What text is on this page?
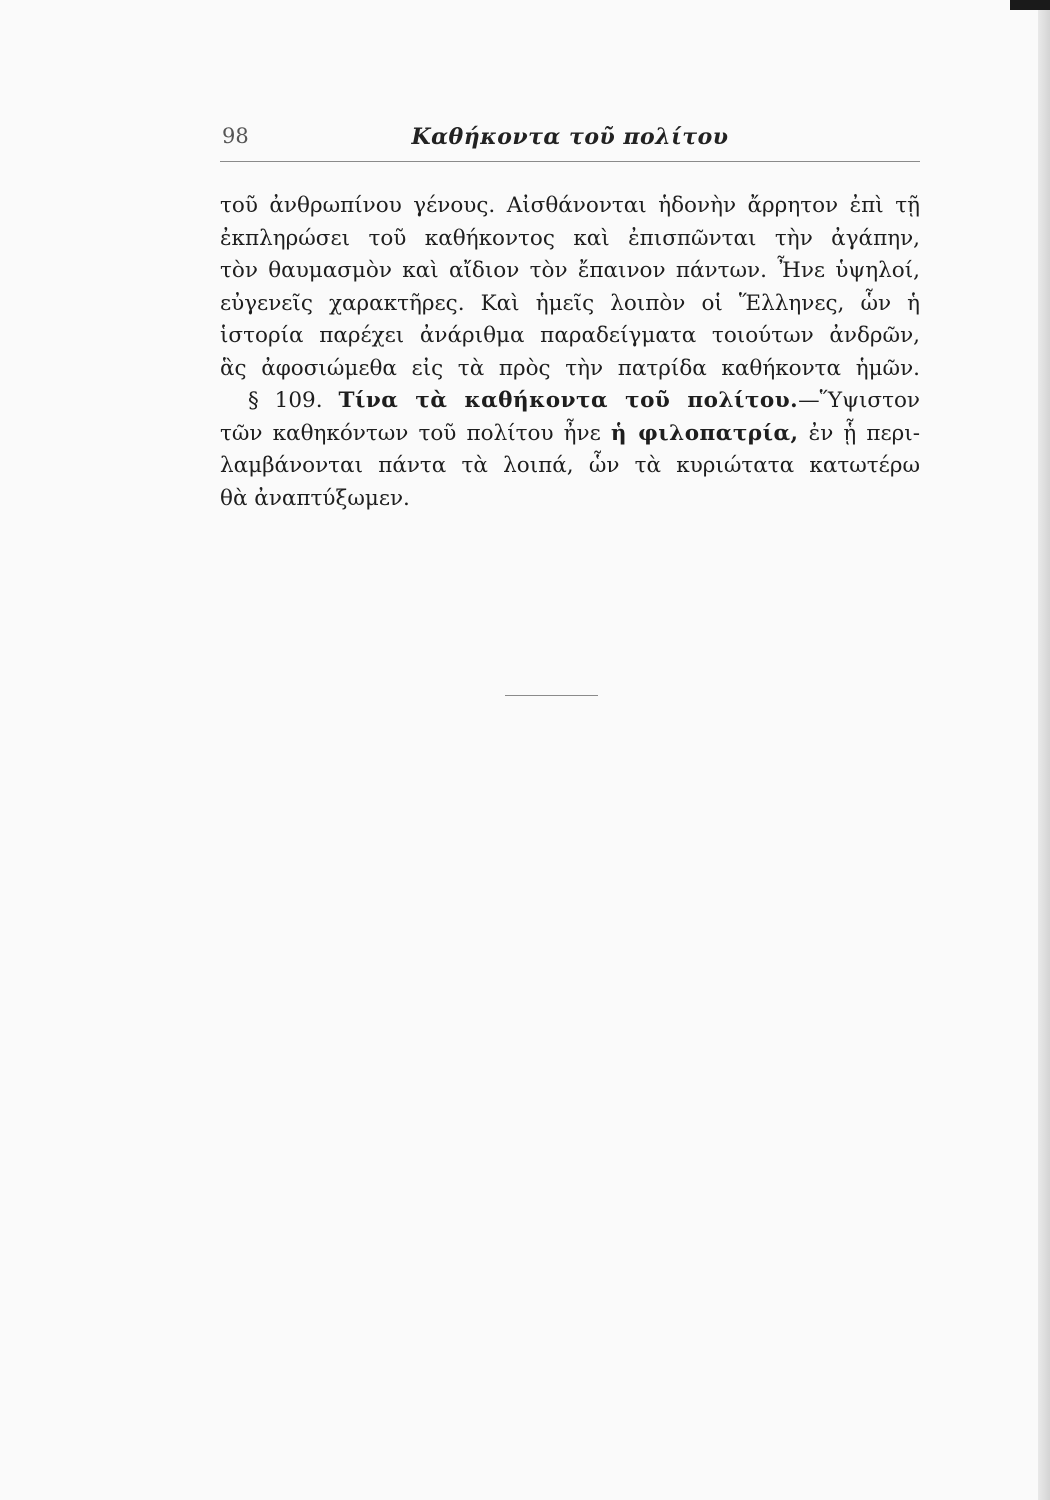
98	Καθήκοντα τοῦ πολίτου
τοῦ ἀνθρωπίνου γένους. Αἰσθάνονται ἡδονὴν ἄρρητον ἐπὶ τῇ
ἐκπληρώσει τοῦ καθήκοντος καὶ ἐπισπῶνται τὴν ἀγάπην,
τὸν θαυμασμὸν καὶ αἴδιον τὸν ἔπαινον πάντων. Ἦνε ὑψηλοί,
εὐγενεῖς χαρακτῆρες. Καὶ ἡμεῖς λοιπὸν οἱ Ἕλληνες, ὧν ἡ
ἱστορία παρέχει ἀνάριθμα παραδείγματα τοιούτων ἀνδρῶν,
ἃς ἀφοσιώμεθα εἰς τὰ πρὸς τὴν πατρίδα καθήκοντα ἡμῶν.
§ 109. Τίνα τὰ καθήκοντα τοῦ πολίτου.—Ὕψιστον
τῶν καθηκόντων τοῦ πολίτου ἦνε ἡ φιλοπατρία, ἐν ᾗ περι-
λαμβάνονται πάντα τὰ λοιπά, ὧν τὰ κυριώτατα κατωτέρω
θὰ ἀναπτύξωμεν.
